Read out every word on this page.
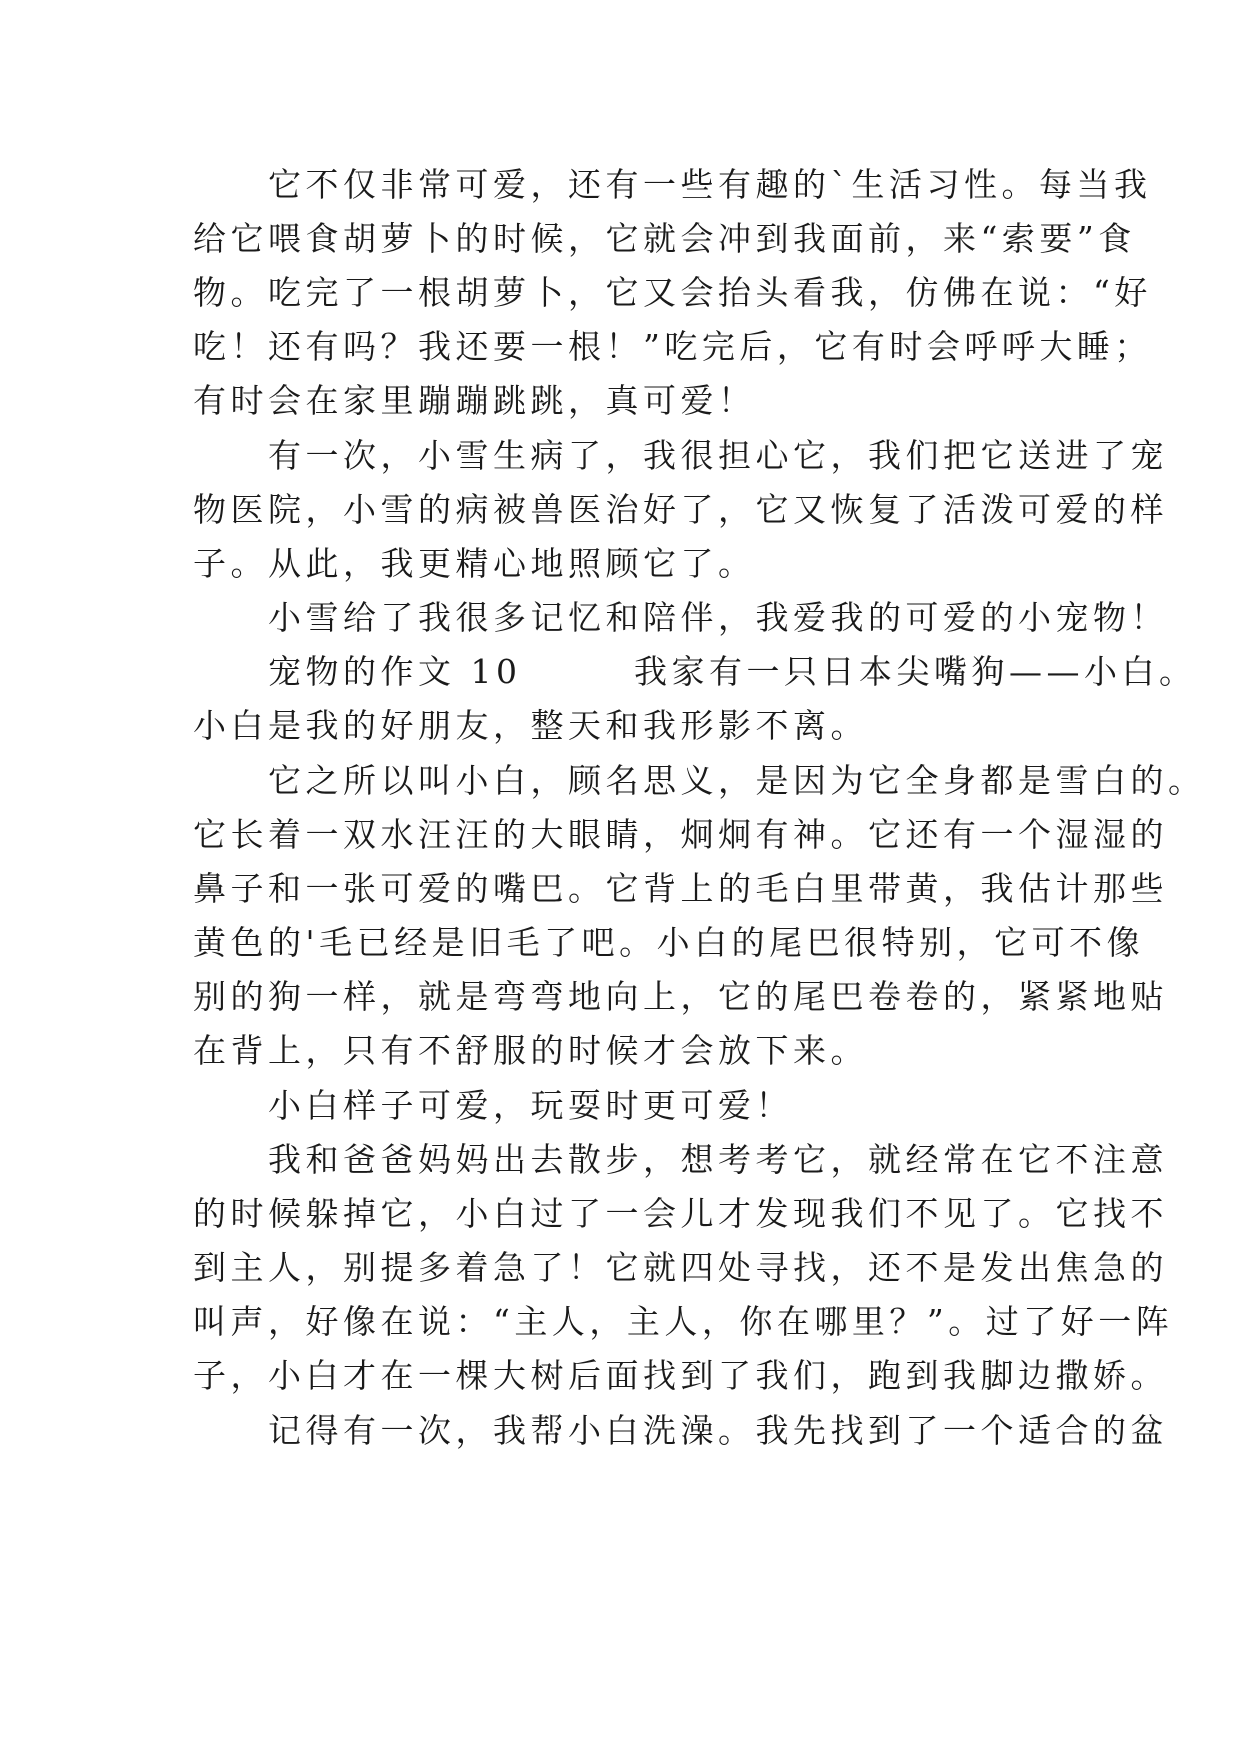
　　它不仅非常可爱，还有一些有趣的`生活习性。每当我
给它喂食胡萝卜的时候，它就会冲到我面前，来“索要”食
物。吃完了一根胡萝卜，它又会抬头看我，仿佛在说：“好
吃！还有吗？我还要一根！”吃完后，它有时会呼呼大睡；
有时会在家里蹦蹦跳跳，真可爱！
　　有一次，小雪生病了，我很担心它，我们把它送进了宠
物医院，小雪的病被兽医治好了，它又恢复了活泼可爱的样
子。从此，我更精心地照顾它了。
　　小雪给了我很多记忆和陪伴，我爱我的可爱的小宠物！
　　宠物的作文 10　　　我家有一只日本尖嘴狗——小白。
小白是我的好朋友，整天和我形影不离。
　　它之所以叫小白，顾名思义，是因为它全身都是雪白的。
它长着一双水汪汪的大眼睛，炯炯有神。它还有一个湿湿的
鼻子和一张可爱的嘴巴。它背上的毛白里带黄，我估计那些
黄色的'毛已经是旧毛了吧。小白的尾巴很特别，它可不像
别的狗一样，就是弯弯地向上，它的尾巴卷卷的，紧紧地贴
在背上，只有不舒服的时候才会放下来。
　　小白样子可爱，玩耍时更可爱！
　　我和爸爸妈妈出去散步，想考考它，就经常在它不注意
的时候躲掉它，小白过了一会儿才发现我们不见了。它找不
到主人，别提多着急了！它就四处寻找，还不是发出焦急的
叫声，好像在说：“主人，主人，你在哪里？”。过了好一阵
子，小白才在一棵大树后面找到了我们，跑到我脚边撒娇。
　　记得有一次，我帮小白洗澡。我先找到了一个适合的盆
